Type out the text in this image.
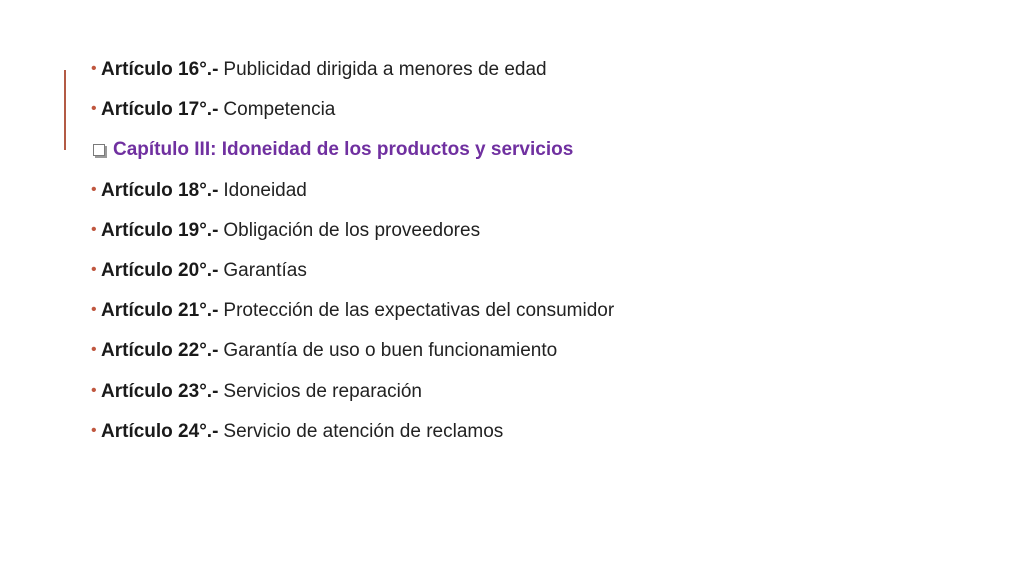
• Artículo 16°.- Publicidad dirigida a menores de edad
• Artículo 17°.- Competencia
Capítulo III: Idoneidad de los productos y servicios
• Artículo 18°.- Idoneidad
• Artículo 19°.- Obligación de los proveedores
• Artículo 20°.- Garantías
• Artículo 21°.- Protección de las expectativas del consumidor
• Artículo 22°.- Garantía de uso o buen funcionamiento
• Artículo 23°.- Servicios de reparación
• Artículo 24°.- Servicio de atención de reclamos
